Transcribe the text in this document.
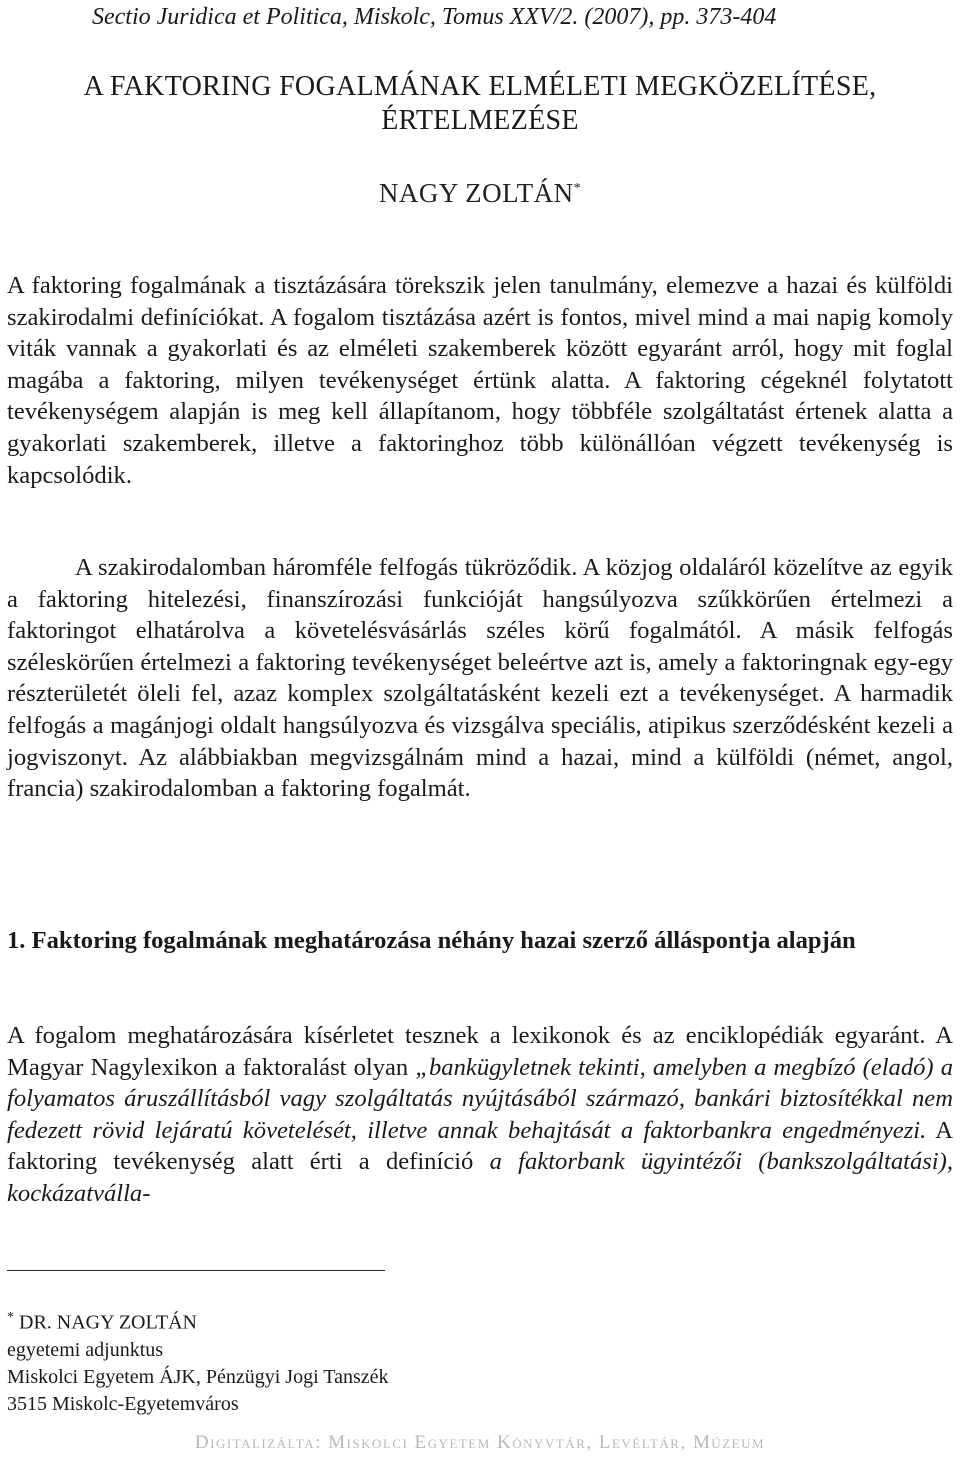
Sectio Juridica et Politica, Miskolc, Tomus XXV/2. (2007), pp. 373-404
A FAKTORING FOGALMÁNAK ELMÉLETI MEGKÖZELÍTÉSE,
ÉRTELMEZÉSE
NAGY ZOLTÁN*

A faktoring fogalmának a tisztázására törekszik jelen tanulmány, elemezve a hazai és külföldi szakirodalmi definíciókat. A fogalom tisztázása azért is fontos, mivel mind a mai napig komoly viták vannak a gyakorlati és az elméleti szakemberek között egyaránt arról, hogy mit foglal magába a faktoring, milyen tevékenységet értünk alatta. A faktoring cégeknél folytatott tevékenységem alapján is meg kell állapítanom, hogy többféle szolgáltatást értenek alatta a gyakorlati szakemberek, illetve a faktoringhoz több különállóan végzett tevékenység is kapcsolódik.

A szakirodalomban háromféle felfogás tükröződik. A közjog oldaláról közelítve az egyik a faktoring hitelezési, finanszírozási funkcióját hangsúlyozva szűkkörűen értelmezi a faktoringot elhatárolva a követelésvásárlás széles körű fogalmától. A másik felfogás széleskörűen értelmezi a faktoring tevékenységet beleértve azt is, amely a faktoringnak egy-egy részterületét öleli fel, azaz komplex szolgáltatásként kezeli ezt a tevékenységet. A harmadik felfogás a magánjogi oldalt hangsúlyozva és vizsgálva speciális, atipikus szerződésként kezeli a jogviszonyt. Az alábbiakban megvizsgálnám mind a hazai, mind a külföldi (német, angol, francia) szakirodalomban a faktoring fogalmát.

1. Faktoring fogalmának meghatározása néhány hazai szerző álláspontja alapján

A fogalom meghatározására kísérletet tesznek a lexikonok és az enciklopédiák egyaránt. A Magyar Nagylexikon a faktoralást olyan „bankügyletnek tekinti, amelyben a megbízó (eladó) a folyamatos áruszállításból vagy szolgáltatás nyújtásából származó, bankári biztosítékkal nem fedezett rövid lejáratú követelését, illetve annak behajtását a faktorbankra engedményezi. A faktoring tevékenység alatt érti a definíció a faktorbank ügyintézői (bankszolgáltatási), kockázatválla-

* DR. NAGY ZOLTÁN
egyetemi adjunktus
Miskolci Egyetem ÁJK, Pénzügyi Jogi Tanszék
3515 Miskolc-Egyetemváros
Digitalizálta: Miskolci Egyetem Könyvtár, Levéltár, Múzeum
